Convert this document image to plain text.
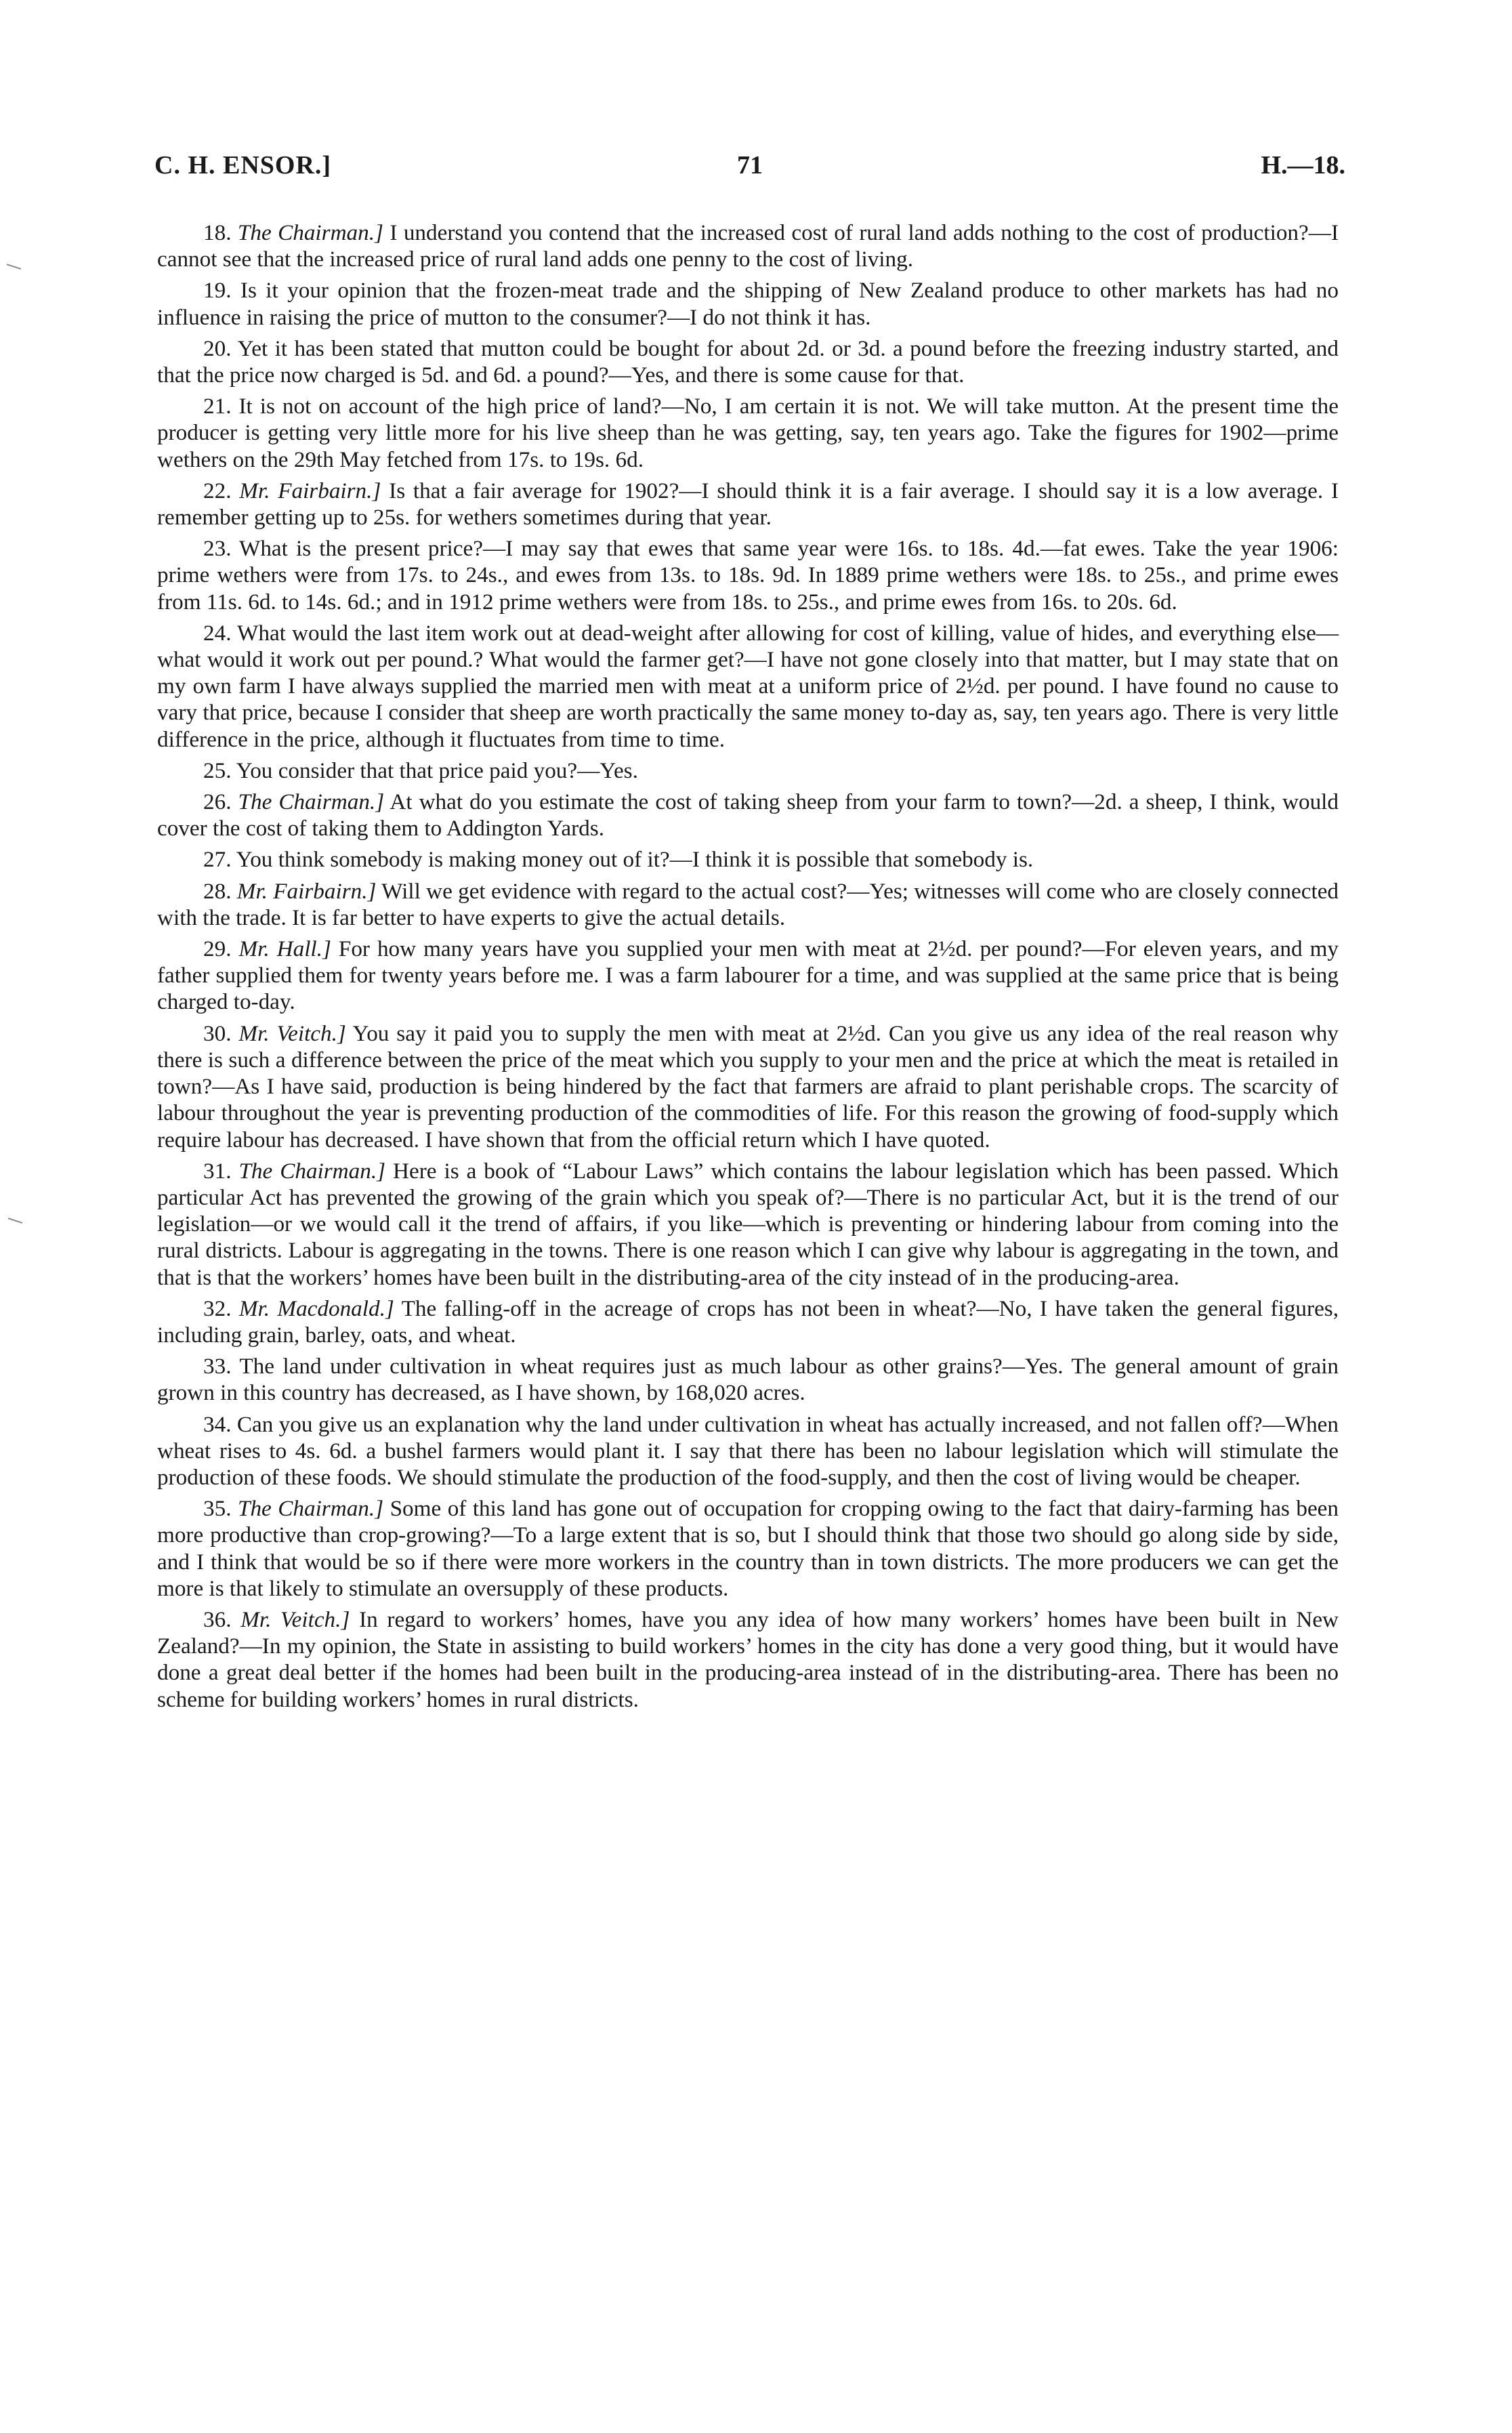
C. H. ENSOR.]	71	H.—18.

18. The Chairman.] I understand you contend that the increased cost of rural land adds nothing to the cost of production?—I cannot see that the increased price of rural land adds one penny to the cost of living.

19. Is it your opinion that the frozen-meat trade and the shipping of New Zealand produce to other markets has had no influence in raising the price of mutton to the consumer?—I do not think it has.

20. Yet it has been stated that mutton could be bought for about 2d. or 3d. a pound before the freezing industry started, and that the price now charged is 5d. and 6d. a pound?—Yes, and there is some cause for that.

21. It is not on account of the high price of land?—No, I am certain it is not. We will take mutton. At the present time the producer is getting very little more for his live sheep than he was getting, say, ten years ago. Take the figures for 1902—prime wethers on the 29th May fetched from 17s. to 19s. 6d.

22. Mr. Fairbairn.] Is that a fair average for 1902?—I should think it is a fair average. I should say it is a low average. I remember getting up to 25s. for wethers sometimes during that year.

23. What is the present price?—I may say that ewes that same year were 16s. to 18s. 4d.—fat ewes. Take the year 1906: prime wethers were from 17s. to 24s., and ewes from 13s. to 18s. 9d. In 1889 prime wethers were 18s. to 25s., and prime ewes from 11s. 6d. to 14s. 6d.; and in 1912 prime wethers were from 18s. to 25s., and prime ewes from 16s. to 20s. 6d.

24. What would the last item work out at dead-weight after allowing for cost of killing, value of hides, and everything else—what would it work out per pound.? What would the farmer get?—I have not gone closely into that matter, but I may state that on my own farm I have always supplied the married men with meat at a uniform price of 2½d. per pound. I have found no cause to vary that price, because I consider that sheep are worth practically the same money to-day as, say, ten years ago. There is very little difference in the price, although it fluctuates from time to time.

25. You consider that that price paid you?—Yes.

26. The Chairman.] At what do you estimate the cost of taking sheep from your farm to town?—2d. a sheep, I think, would cover the cost of taking them to Addington Yards.

27. You think somebody is making money out of it?—I think it is possible that somebody is.

28. Mr. Fairbairn.] Will we get evidence with regard to the actual cost?—Yes; witnesses will come who are closely connected with the trade. It is far better to have experts to give the actual details.

29. Mr. Hall.] For how many years have you supplied your men with meat at 2½d. per pound?—For eleven years, and my father supplied them for twenty years before me. I was a farm labourer for a time, and was supplied at the same price that is being charged to-day.

30. Mr. Veitch.] You say it paid you to supply the men with meat at 2½d. Can you give us any idea of the real reason why there is such a difference between the price of the meat which you supply to your men and the price at which the meat is retailed in town?—As I have said, production is being hindered by the fact that farmers are afraid to plant perishable crops. The scarcity of labour throughout the year is preventing production of the commodities of life. For this reason the growing of food-supply which require labour has decreased. I have shown that from the official return which I have quoted.

31. The Chairman.] Here is a book of “Labour Laws” which contains the labour legislation which has been passed. Which particular Act has prevented the growing of the grain which you speak of?—There is no particular Act, but it is the trend of our legislation—or we would call it the trend of affairs, if you like—which is preventing or hindering labour from coming into the rural districts. Labour is aggregating in the towns. There is one reason which I can give why labour is aggregating in the town, and that is that the workers’ homes have been built in the distributing-area of the city instead of in the producing-area.

32. Mr. Macdonald.] The falling-off in the acreage of crops has not been in wheat?—No, I have taken the general figures, including grain, barley, oats, and wheat.

33. The land under cultivation in wheat requires just as much labour as other grains?—Yes. The general amount of grain grown in this country has decreased, as I have shown, by 168,020 acres.

34. Can you give us an explanation why the land under cultivation in wheat has actually increased, and not fallen off?—When wheat rises to 4s. 6d. a bushel farmers would plant it. I say that there has been no labour legislation which will stimulate the production of these foods. We should stimulate the production of the food-supply, and then the cost of living would be cheaper.

35. The Chairman.] Some of this land has gone out of occupation for cropping owing to the fact that dairy-farming has been more productive than crop-growing?—To a large extent that is so, but I should think that those two should go along side by side, and I think that would be so if there were more workers in the country than in town districts. The more producers we can get the more is that likely to stimulate an oversupply of these products.

36. Mr. Veitch.] In regard to workers’ homes, have you any idea of how many workers’ homes have been built in New Zealand?—In my opinion, the State in assisting to build workers’ homes in the city has done a very good thing, but it would have done a great deal better if the homes had been built in the producing-area instead of in the distributing-area. There has been no scheme for building workers’ homes in rural districts.
